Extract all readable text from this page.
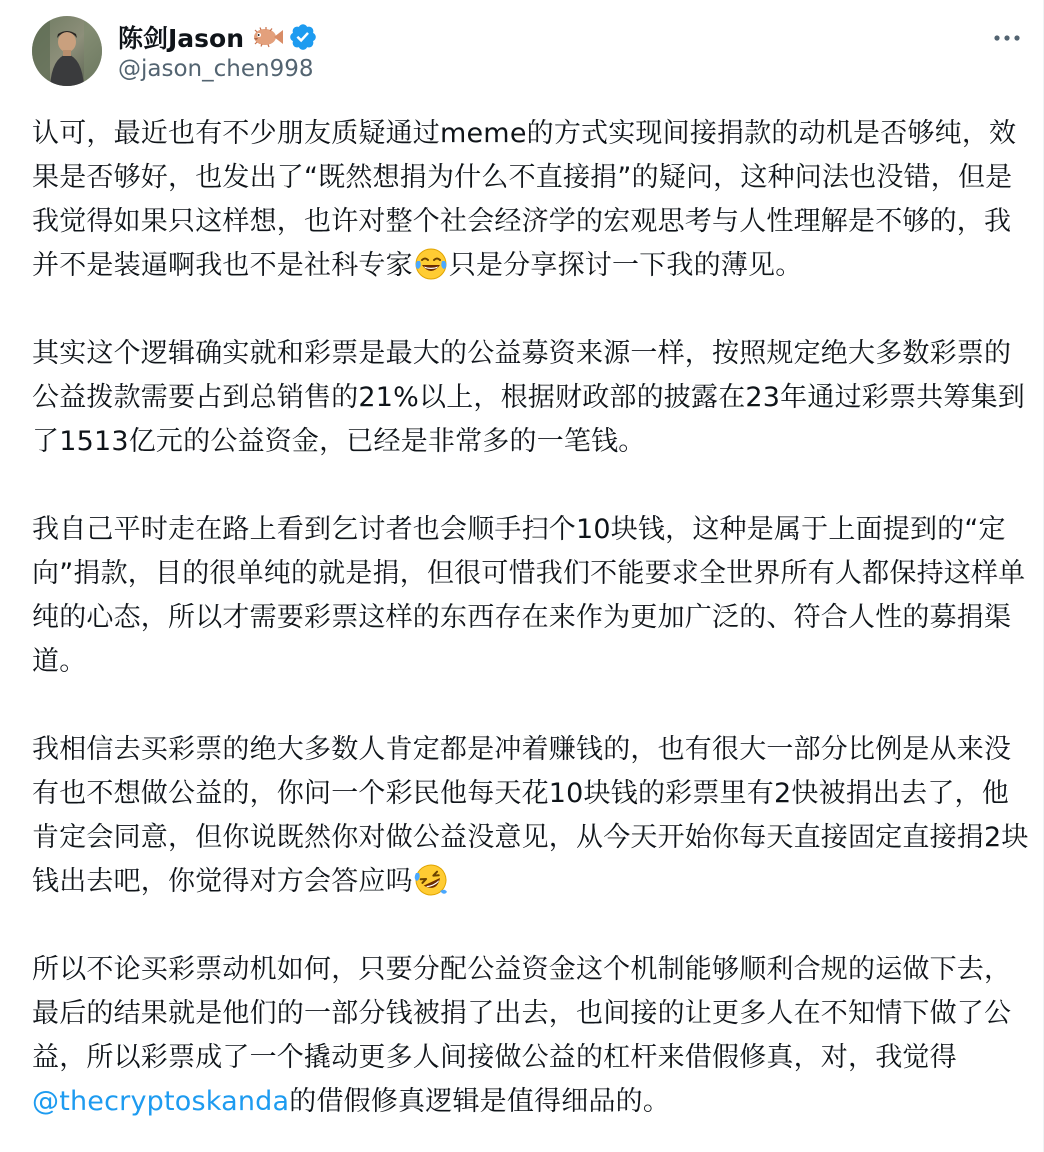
陈剑Jason
@jason_chen998

认可，最近也有不少朋友质疑通过meme的方式实现间接捐款的动机是否够纯，效果是否够好，也发出了“既然想捐为什么不直接捐”的疑问，这种问法也没错，但是我觉得如果只这样想，也许对整个社会经济学的宏观思考与人性理解是不够的，我并不是装逼啊我也不是社科专家 只是分享探讨一下我的薄见。

其实这个逻辑确实就和彩票是最大的公益募资来源一样，按照规定绝大多数彩票的公益拨款需要占到总销售的21%以上，根据财政部的披露在23年通过彩票共筹集到了1513亿元的公益资金，已经是非常多的一笔钱。

我自己平时走在路上看到乞讨者也会顺手扫个10块钱，这种是属于上面提到的“定向”捐款，目的很单纯的就是捐，但很可惜我们不能要求全世界所有人都保持这样单纯的心态，所以才需要彩票这样的东西存在来作为更加广泛的、符合人性的募捐渠道。

我相信去买彩票的绝大多数人肯定都是冲着赚钱的，也有很大一部分比例是从来没有也不想做公益的，你问一个彩民他每天花10块钱的彩票里有2快被捐出去了，他肯定会同意，但你说既然你对做公益没意见，从今天开始你每天直接固定直接捐2块钱出去吧，你觉得对方会答应吗

所以不论买彩票动机如何，只要分配公益资金这个机制能够顺利合规的运做下去，最后的结果就是他们的一部分钱被捐了出去，也间接的让更多人在不知情下做了公益，所以彩票成了一个撬动更多人间接做公益的杠杆来借假修真，对，我觉得@thecryptoskanda的借假修真逻辑是值得细品的。
